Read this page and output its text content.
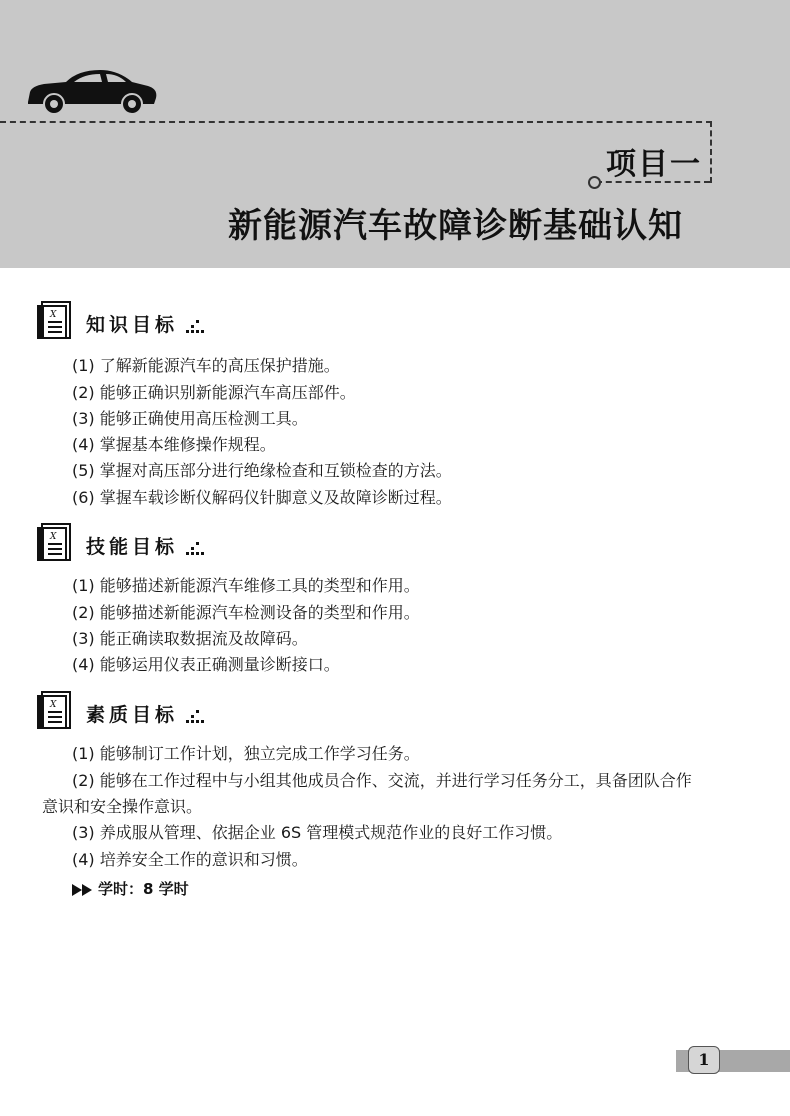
项目一
新能源汽车故障诊断基础认知
X 知识目标
(1) 了解新能源汽车的高压保护措施。
(2) 能够正确识别新能源汽车高压部件。
(3) 能够正确使用高压检测工具。
(4) 掌握基本维修操作规程。
(5) 掌握对高压部分进行绝缘检查和互锁检查的方法。
(6) 掌握车载诊断仪解码仪针脚意义及故障诊断过程。
X 技能目标
(1) 能够描述新能源汽车维修工具的类型和作用。
(2) 能够描述新能源汽车检测设备的类型和作用。
(3) 能正确读取数据流及故障码。
(4) 能够运用仪表正确测量诊断接口。
X 素质目标
(1) 能够制订工作计划，独立完成工作学习任务。
(2) 能够在工作过程中与小组其他成员合作、交流，并进行学习任务分工，具备团队合作
意识和安全操作意识。
(3) 养成服从管理、依据企业 6S 管理模式规范作业的良好工作习惯。
(4) 培养安全工作的意识和习惯。
学时：8 学时
1
